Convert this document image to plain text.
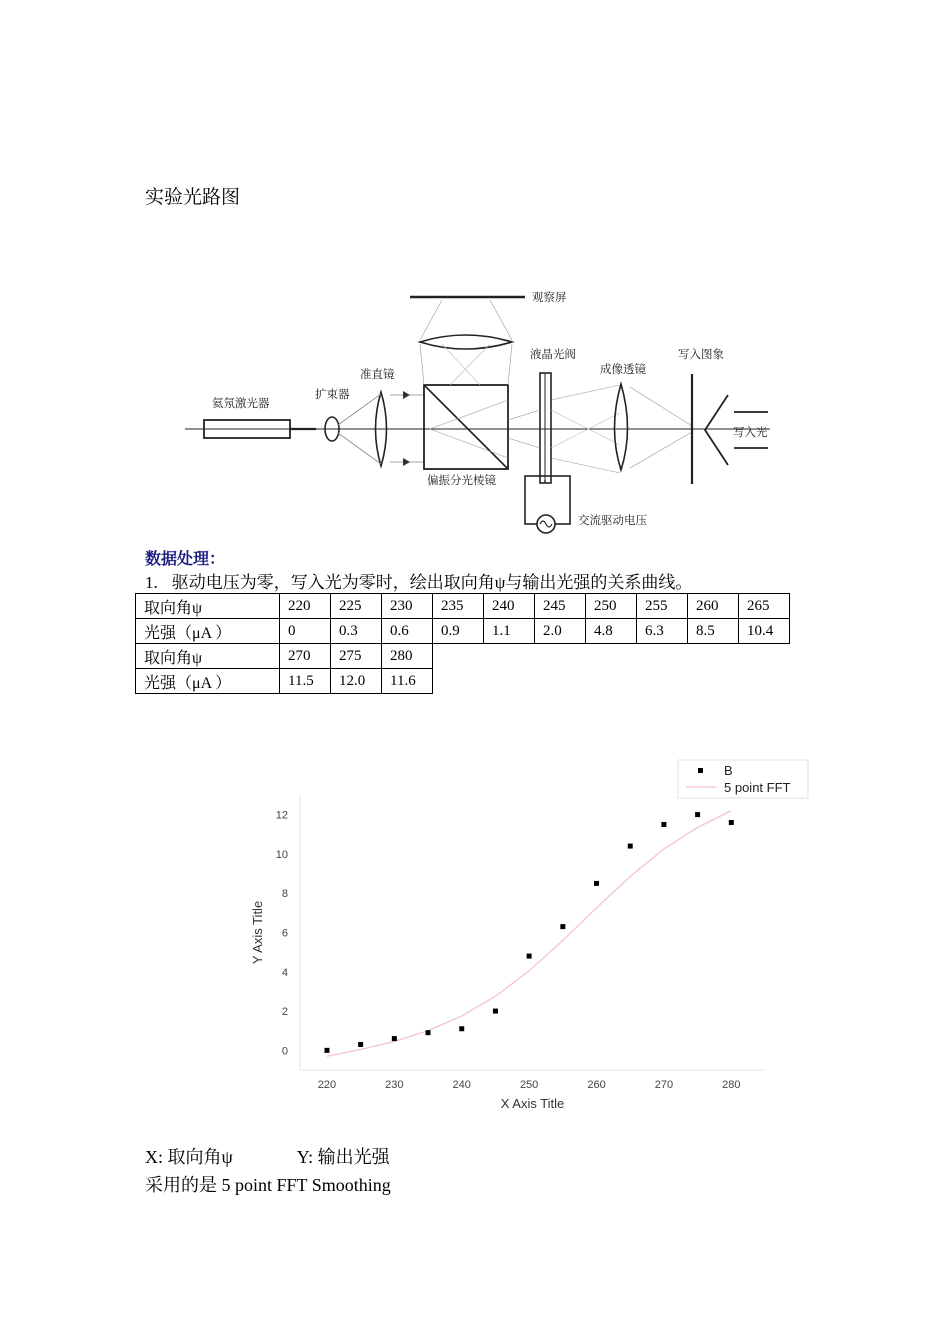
实验光路图
观察屏
氦氖激光器
扩束器
准直镜
偏振分光棱镜
液晶光阀
成像透镜
写入图象
写入光
交流驱动电压
数据处理：
1. 驱动电压为零，写入光为零时，绘出取向角ψ与输出光强的关系曲线。
取向角ψ	220	225	230	235	240	245	250	255	260	265
光强（μA ）	0	0.3	0.6	0.9	1.1	2.0	4.8	6.3	8.5	10.4
取向角ψ	270	275	280							
光强（μA ）	11.5	12.0	11.6							
0
2
4
6
8
10
12
220	230	240	250	260	270	280
X Axis Title
Y Axis Title
B
5 point FFT
X: 取向角ψ	Y: 输出光强
采用的是 5 point FFT Smoothing
